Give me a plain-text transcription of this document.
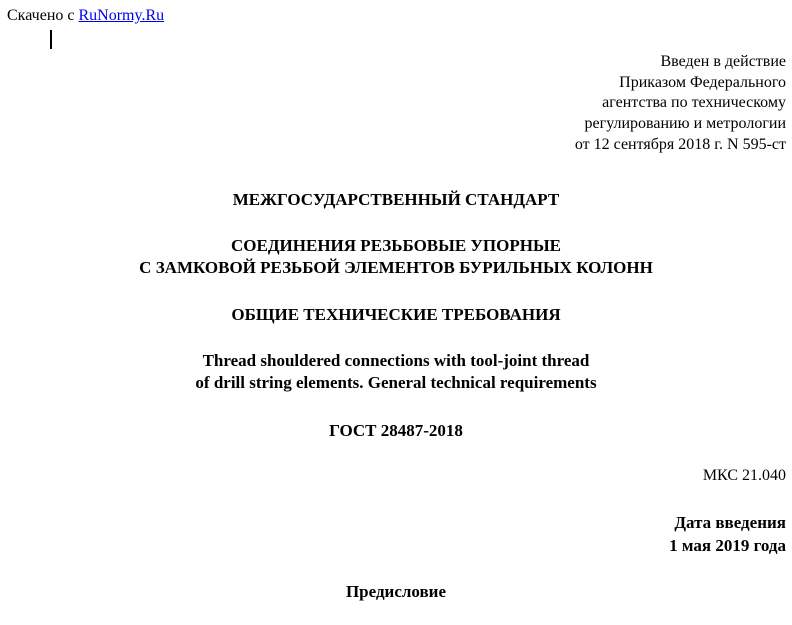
Скачено с RuNormy.Ru
Введен в действие
Приказом Федерального
агентства по техническому
регулированию и метрологии
от 12 сентября 2018 г. N 595-ст
МЕЖГОСУДАРСТВЕННЫЙ СТАНДАРТ
СОЕДИНЕНИЯ РЕЗЬБОВЫЕ УПОРНЫЕ
С ЗАМКОВОЙ РЕЗЬБОЙ ЭЛЕМЕНТОВ БУРИЛЬНЫХ КОЛОНН
ОБЩИЕ ТЕХНИЧЕСКИЕ ТРЕБОВАНИЯ
Thread shouldered connections with tool-joint thread
of drill string elements. General technical requirements
ГОСТ 28487-2018
МКС 21.040
Дата введения
1 мая 2019 года
Предисловие
